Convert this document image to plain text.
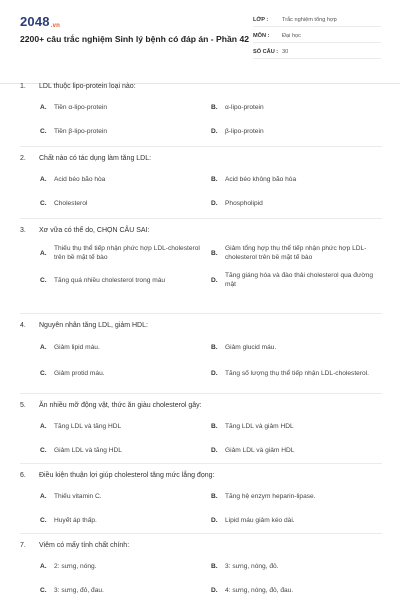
2048.vn
2200+ câu trắc nghiệm Sinh lý bệnh có đáp án - Phần 42
LỚP :	Trắc nghiệm tổng hợp
MÔN :	Đại học
SỐ CÂU : 30
1.	LDL thuộc lipo-protein loại nào:
A.	Tiền α-lipo-protein	B.	α-lipo-protein
C.	Tiền β-lipo-protein	D.	β-lipo-protein
2.	Chất nào có tác dụng làm tăng LDL:
A.	Acid béo bão hòa	B.	Acid béo không bão hòa
C.	Cholesterol	D.	Phospholipid
3.	Xơ vữa có thể do, CHỌN CÂU SAI:
A.
Thiếu thụ thể tiếp nhận phức hợp LDL-cholesterol trên bề mặt tế bào
B.
Giảm tổng hợp thụ thể tiếp nhận phức hợp LDL-cholesterol trên bề mặt tế bào
C.	Tăng quá nhiều cholesterol trong máu	D.
Tăng giáng hóa và đào thải cholesterol qua đường mật
4.	Nguyên nhân tăng LDL, giảm HDL:
A.	Giảm lipid máu.	B.	Giảm glucid máu.
C.	Giảm protid máu.	D.	Tăng số lượng thụ thể tiếp nhận LDL-cholesterol.
5.	Ăn nhiều mỡ động vật, thức ăn giàu cholesterol gây:
A.	Tăng LDL và tăng HDL	B.	Tăng LDL và giảm HDL
C.	Giảm LDL và tăng HDL	D.	Giảm LDL và giảm HDL
6.	Điều kiện thuận lợi giúp cholesterol tăng mức lắng đọng:
A.	Thiếu vitamin C.	B.	Tăng hệ enzym heparin-lipase.
C.	Huyết áp thấp.	D.	Lipid máu giảm kéo dài.
7.	Viêm có mấy tính chất chính:
A.	2: sưng, nóng.	B.	3: sưng, nóng, đỏ.
C.	3: sưng, đỏ, đau.	D.	4: sưng, nóng, đỏ, đau.
